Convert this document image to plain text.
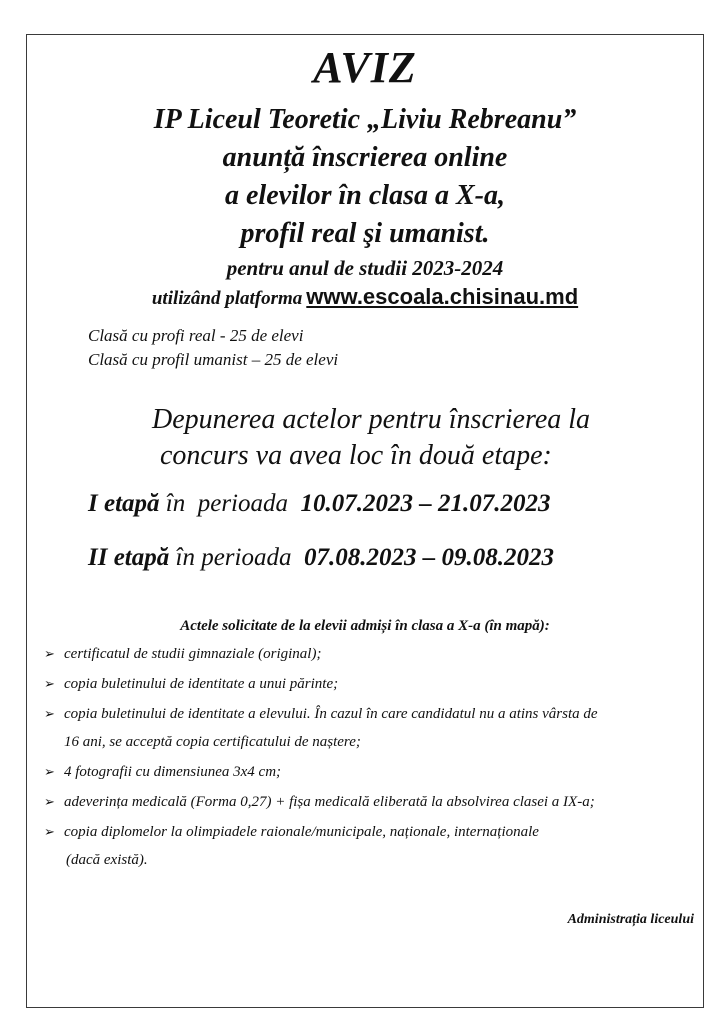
AVIZ
IP Liceul Teoretic „Liviu Rebreanu”
anunță înscrierea online
a elevilor în clasa a X-a,
profil real şi umanist.
pentru anul de studii 2023-2024
utilizând platforma www.escoala.chisinau.md
Clasă cu profi real - 25 de elevi
Clasă cu profil umanist – 25 de elevi
Depunerea actelor pentru înscrierea la
concurs va avea loc în două etape:
I etapă în  perioada  10.07.2023 – 21.07.2023
II etapă în perioada  07.08.2023 – 09.08.2023
Actele solicitate de la elevii admiși în clasa a X-a (în mapă):
➢ certificatul de studii gimnaziale (original);
➢ copia buletinului de identitate a unui părinte;
➢ copia buletinului de identitate a elevului. În cazul în care candidatul nu a atins vârsta de
16 ani, se acceptă copia certificatului de naștere;
➢ 4 fotografii cu dimensiunea 3x4 cm;
➢ adeverința medicală (Forma 0,27) + fișa medicală eliberată la absolvirea clasei a IX-a;
➢ copia diplomelor la olimpiadele raionale/municipale, naționale, internaționale
(dacă există).
Administrația liceului
